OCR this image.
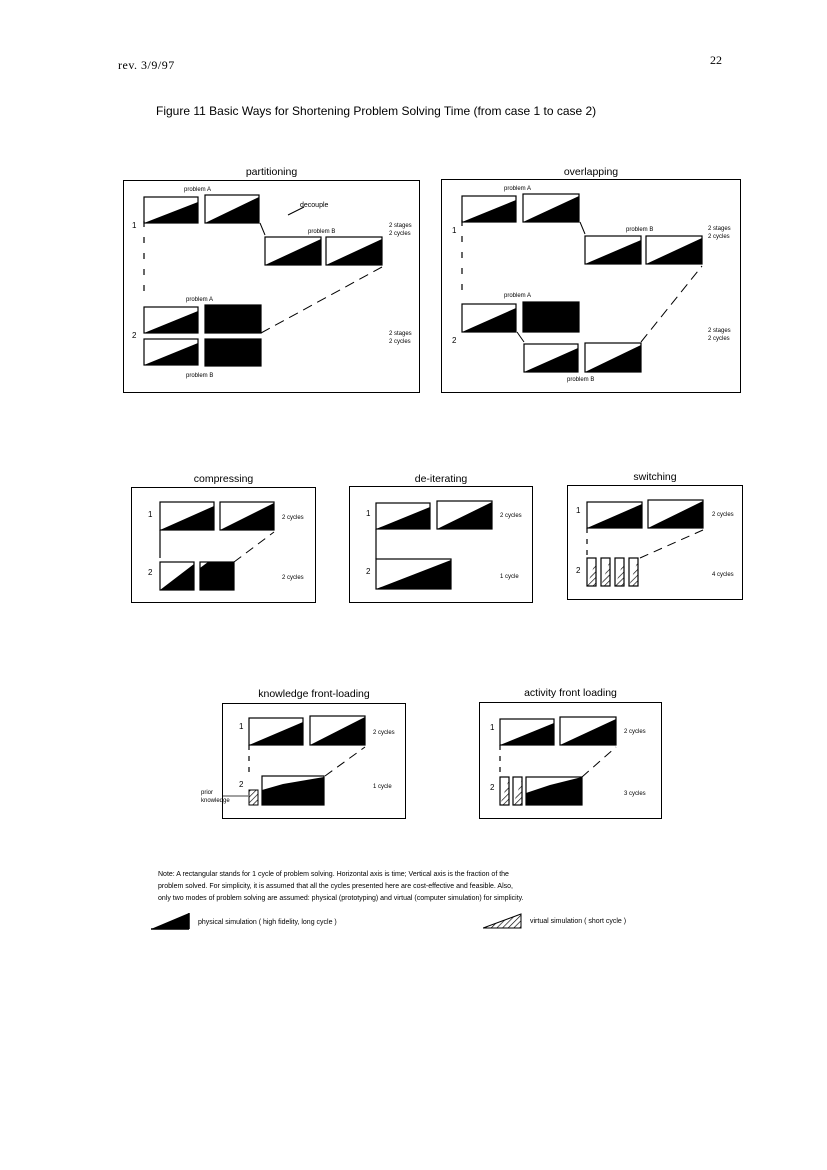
rev. 3/9/97	22
Figure 11 Basic Ways for Shortening Problem Solving Time (from case 1 to case 2)
partitioning
problem A
problem B
decouple
2 stages
2 cycles
1
problem A
problem B
2 stages
2 cycles
2
overlapping
problem A
problem B	2 stages
2 cycles
1
problem A
problem B
2 stages
2 cycles
2
compressing
1	2 cycles
2
2 cycles
de-iterating
1	2 cycles
2
1 cycle
switching
1	2 cycles
2	4 cycles
knowledge front-loading
1
2 cycles
2	1 cycle
prior
knowledge
activity front loading
1	2 cycles
2
3 cycles
Note: A rectangular stands for 1 cycle of problem solving. Horizontal axis is time; Vertical axis is the fraction of the
problem solved. For simplicity, it is assumed that all the cycles presented here are cost-effective and feasible. Also,
only two modes of problem solving are assumed: physical (prototyping) and virtual (computer simulation) for simplicity.
physical simulation ( high fidelity, long cycle )	virtual simulation ( short cycle )
